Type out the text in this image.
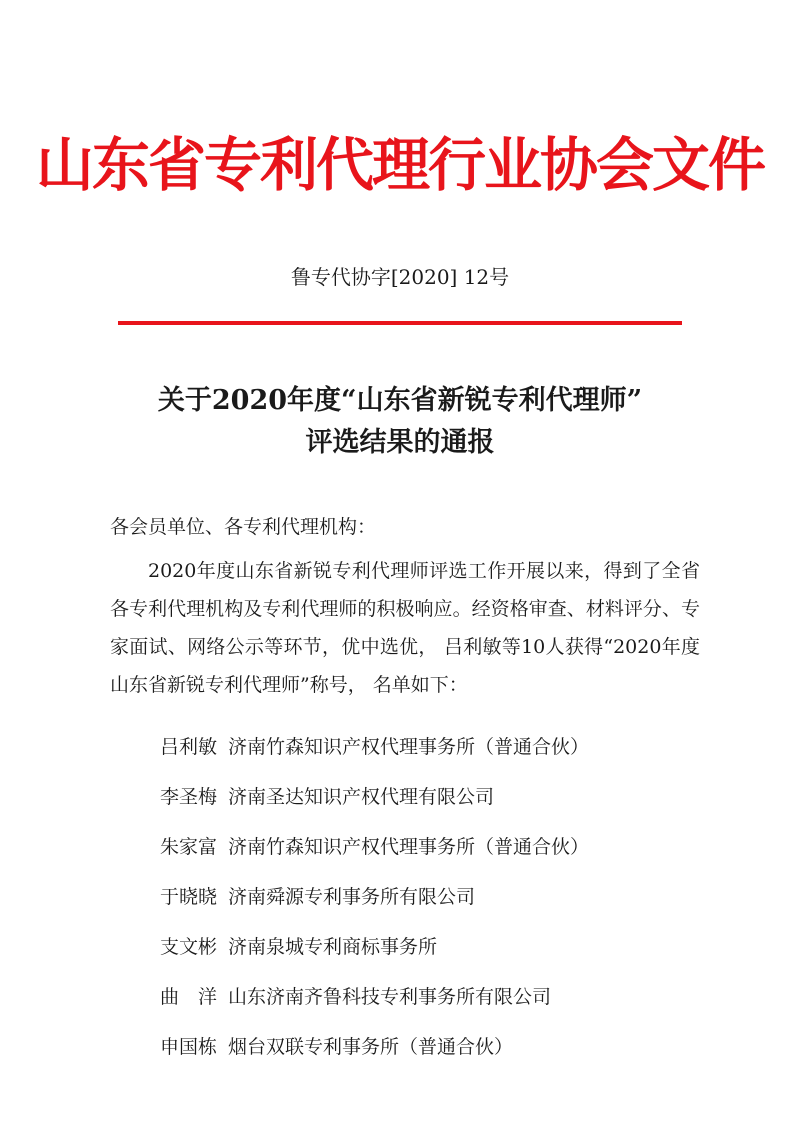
山东省专利代理行业协会文件
鲁专代协字[2020] 12号
关于2020年度“山东省新锐专利代理师”
评选结果的通报
各会员单位、各专利代理机构：
2020年度山东省新锐专利代理师评选工作开展以来，得到了全省各专利代理机构及专利代理师的积极响应。经资格审查、材料评分、专家面试、网络公示等环节，优中选优， 吕利敏等10人获得“2020年度山东省新锐专利代理师”称号， 名单如下：
吕利敏 济南竹森知识产权代理事务所（普通合伙）
李圣梅 济南圣达知识产权代理有限公司
朱家富 济南竹森知识产权代理事务所（普通合伙）
于晓晓 济南舜源专利事务所有限公司
支文彬 济南泉城专利商标事务所
曲　洋 山东济南齐鲁科技专利事务所有限公司
申国栋 烟台双联专利事务所（普通合伙）
